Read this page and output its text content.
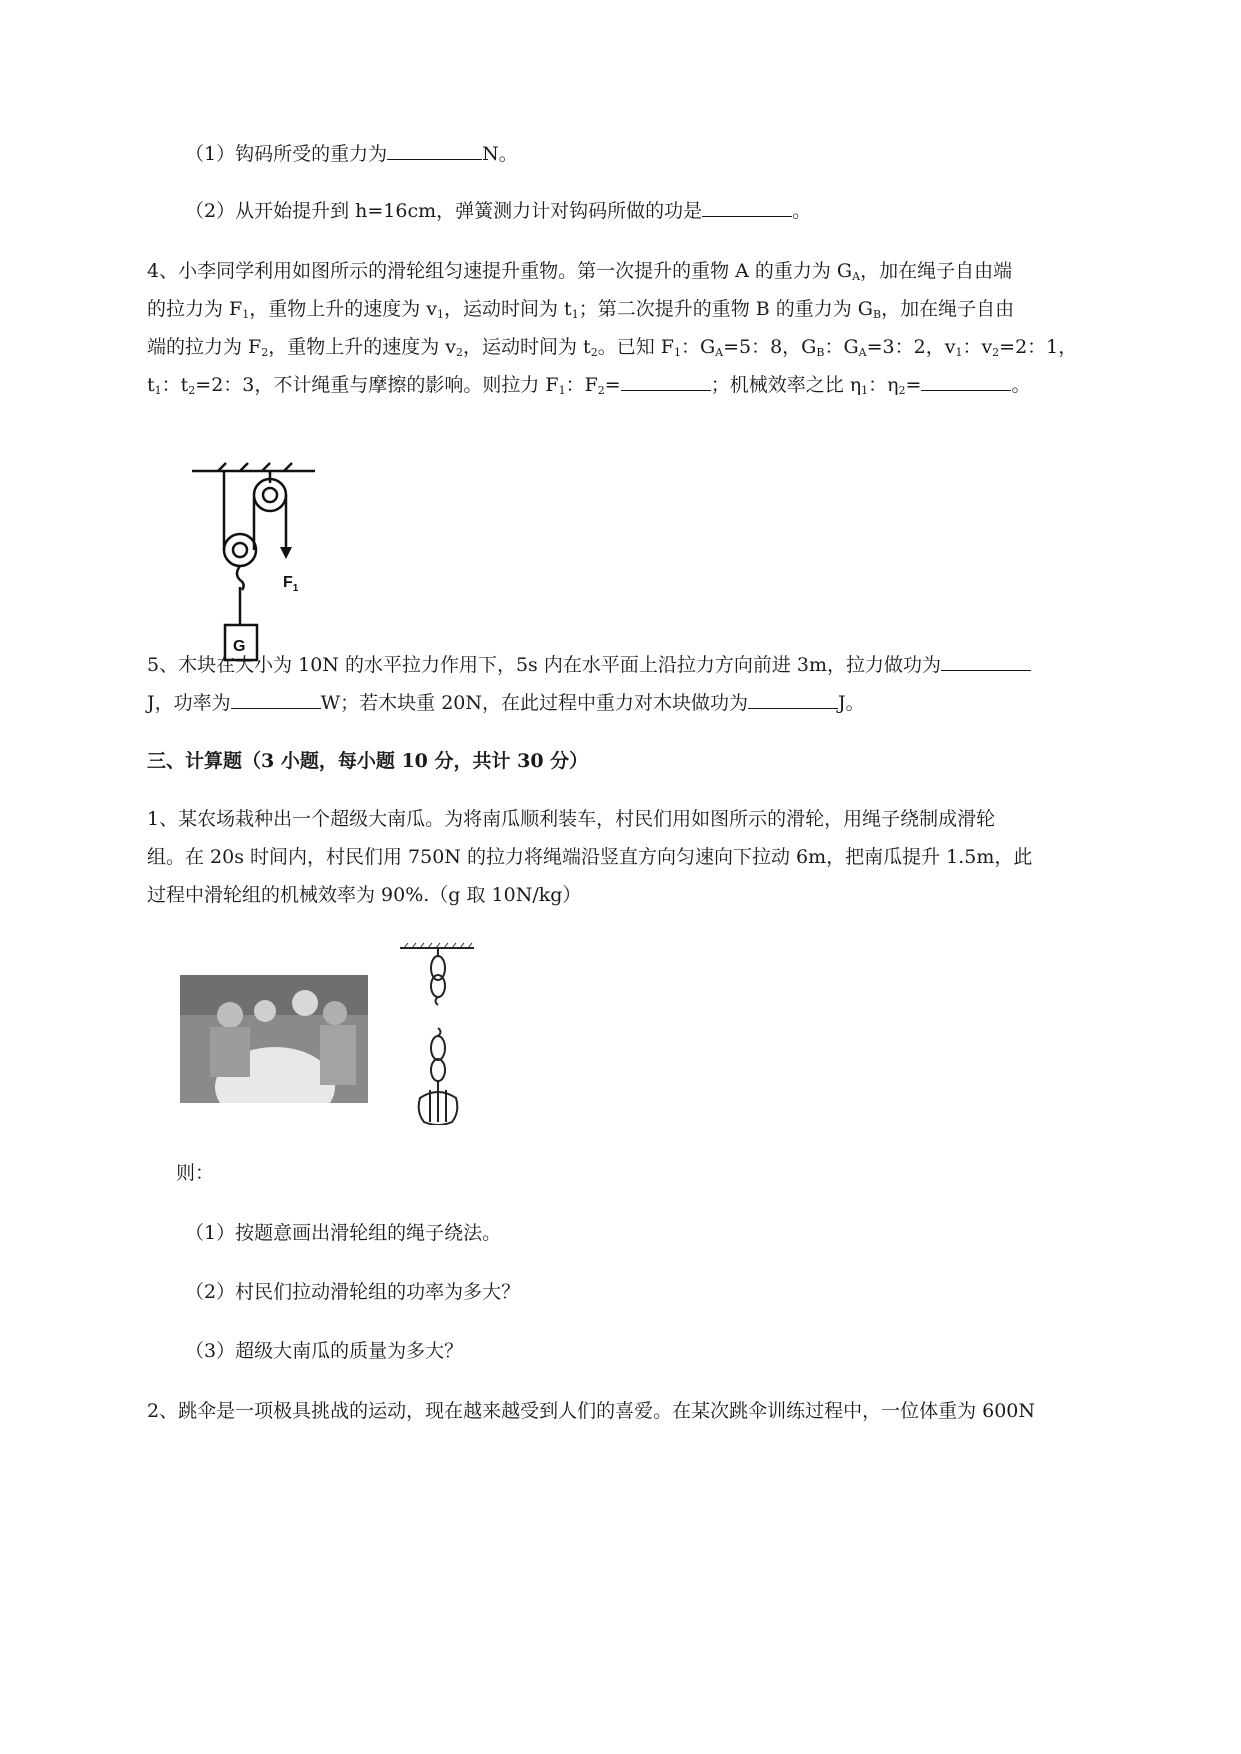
（1）钩码所受的重力为	N。
（2）从开始提升到 h=16cm，弹簧测力计对钩码所做的功是	。
4、小李同学利用如图所示的滑轮组匀速提升重物。第一次提升的重物 A 的重力为 $G_A$，加在绳子自由端
的拉力为 $F_1$，重物上升的速度为 $v_1$，运动时间为 $t_1$；第二次提升的重物 B 的重力为 $G_B$，加在绳子自由
端的拉力为 $F_2$，重物上升的速度为 $v_2$，运动时间为 $t_2$。已知 $F_1$：$G_A=5$：8，$G_B$：$G_A=3$：2，$v_1$：$v_2=2$：1，
$t_1$：$t_2=2$：3，不计绳重与摩擦的影响。则拉力 $F_1$：$F_2=$	；机械效率之比 $\eta_1$：$\eta_2=$	。
$F_1$
G
5、木块在大小为 10N 的水平拉力作用下，5s 内在水平面上沿拉力方向前进 3m，拉力做功为
J，功率为	W；若木块重 20N，在此过程中重力对木块做功为	J。
三、计算题（3 小题，每小题 10 分，共计 30 分）
1、某农场栽种出一个超级大南瓜。为将南瓜顺利装车，村民们用如图所示的滑轮，用绳子绕制成滑轮
组。在 20s 时间内，村民们用 750N 的拉力将绳端沿竖直方向匀速向下拉动 6m，把南瓜提升 1.5m，此
过程中滑轮组的机械效率为 90%.（g 取 10N/kg）
则：
（1）按题意画出滑轮组的绳子绕法。
（2）村民们拉动滑轮组的功率为多大？
（3）超级大南瓜的质量为多大？
2、跳伞是一项极具挑战的运动，现在越来越受到人们的喜爱。在某次跳伞训练过程中，一位体重为 600N
